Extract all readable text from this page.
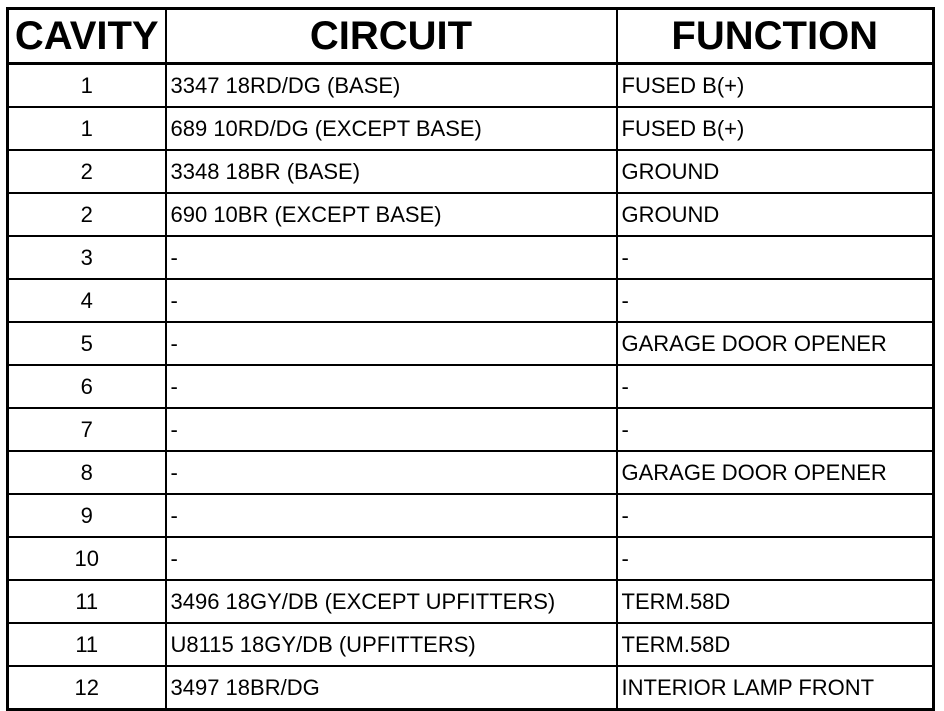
CAVITY	CIRCUIT	FUNCTION
1	3347 18RD/DG (BASE)	FUSED B(+)
1	689 10RD/DG (EXCEPT BASE)	FUSED B(+)
2	3348 18BR (BASE)	GROUND
2	690 10BR (EXCEPT BASE)	GROUND
3	-	-
4	-	-
5	-	GARAGE DOOR OPENER
6	-	-
7	-	-
8	-	GARAGE DOOR OPENER
9	-	-
10	-	-
11	3496 18GY/DB (EXCEPT UPFITTERS)	TERM.58D
11	U8115 18GY/DB (UPFITTERS)	TERM.58D
12	3497 18BR/DG	INTERIOR LAMP FRONT
